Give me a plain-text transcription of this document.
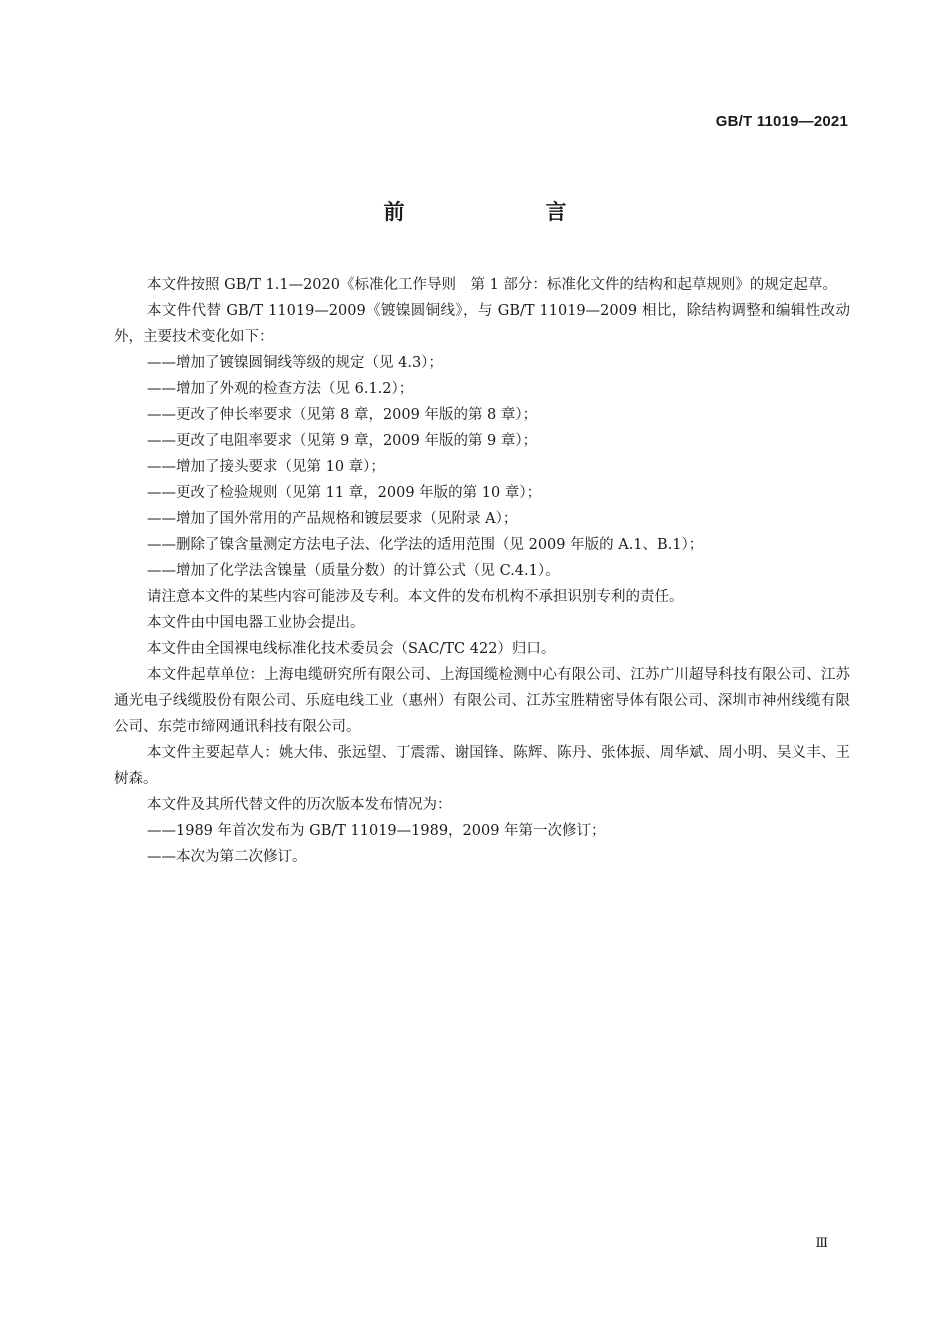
GB/T 11019—2021
前　言

本文件按照 GB/T 1.1—2020《标准化工作导则　第 1 部分：标准化文件的结构和起草规则》的规定起草。

本文件代替 GB/T 11019—2009《镀镍圆铜线》，与 GB/T 11019—2009 相比，除结构调整和编辑性改动外，主要技术变化如下：

——增加了镀镍圆铜线等级的规定（见 4.3）；

——增加了外观的检查方法（见 6.1.2）；

——更改了伸长率要求（见第 8 章，2009 年版的第 8 章）；

——更改了电阻率要求（见第 9 章，2009 年版的第 9 章）；

——增加了接头要求（见第 10 章）；

——更改了检验规则（见第 11 章，2009 年版的第 10 章）；

——增加了国外常用的产品规格和镀层要求（见附录 A）；

——删除了镍含量测定方法电子法、化学法的适用范围（见 2009 年版的 A.1、B.1）；

——增加了化学法含镍量（质量分数）的计算公式（见 C.4.1）。

请注意本文件的某些内容可能涉及专利。本文件的发布机构不承担识别专利的责任。

本文件由中国电器工业协会提出。

本文件由全国裸电线标准化技术委员会（SAC/TC 422）归口。

本文件起草单位：上海电缆研究所有限公司、上海国缆检测中心有限公司、江苏广川超导科技有限公司、江苏通光电子线缆股份有限公司、乐庭电线工业（惠州）有限公司、江苏宝胜精密导体有限公司、深圳市神州线缆有限公司、东莞市缔网通讯科技有限公司。

本文件主要起草人：姚大伟、张远望、丁震霈、谢国锋、陈辉、陈丹、张体振、周华斌、周小明、吴义丰、王树森。

本文件及其所代替文件的历次版本发布情况为：

——1989 年首次发布为 GB/T 11019—1989，2009 年第一次修订；

——本次为第二次修订。

Ⅲ
